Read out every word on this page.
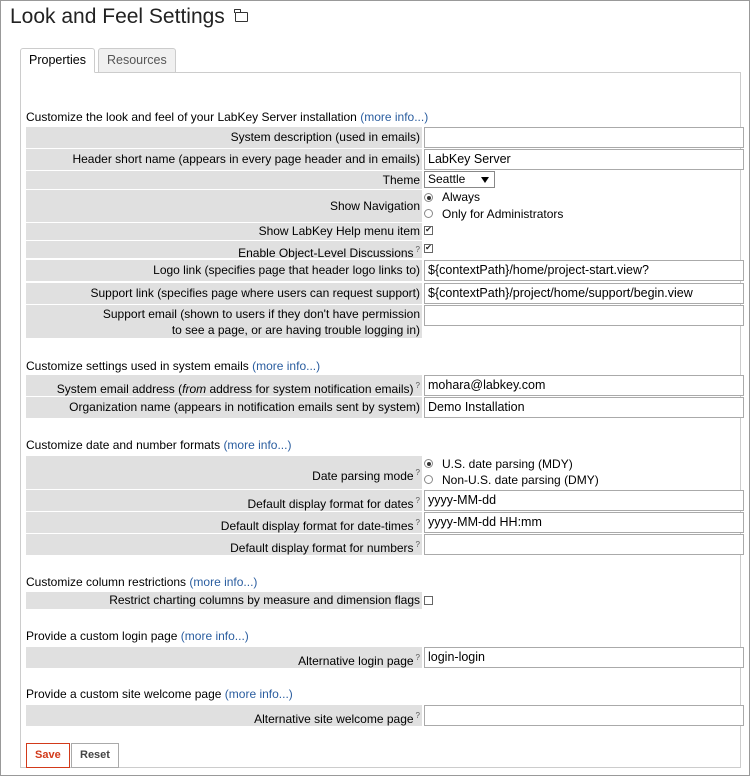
Look and Feel Settings
Properties	Resources
Customize the look and feel of your LabKey Server installation (more info...)
System description (used in emails)
Header short name (appears in every page header and in emails) LabKey Server
Theme Seattle
Show Navigation
Always
Only for Administrators
Show LabKey Help menu item
✔
Enable Object-Level Discussions ?
✔
Logo link (specifies page that header logo links to) ${contextPath}/home/project-start.view?
Support link (specifies page where users can request support) ${contextPath}/project/home/support/begin.view
Support email (shown to users if they don't have permission
to see a page, or are having trouble logging in)
Customize settings used in system emails (more info...)
System email address (from address for system notification emails) ? mohara@labkey.com
Organization name (appears in notification emails sent by system) Demo Installation
Customize date and number formats (more info...)
Date parsing mode ?
U.S. date parsing (MDY)
Non-U.S. date parsing (DMY)
Default display format for dates ? yyyy-MM-dd
Default display format for date-times ? yyyy-MM-dd HH:mm
Default display format for numbers ?
Customize column restrictions (more info...)
Restrict charting columns by measure and dimension flags
Provide a custom login page (more info...)
Alternative login page ? login-login
Provide a custom site welcome page (more info...)
Alternative site welcome page ?
Save	Reset
